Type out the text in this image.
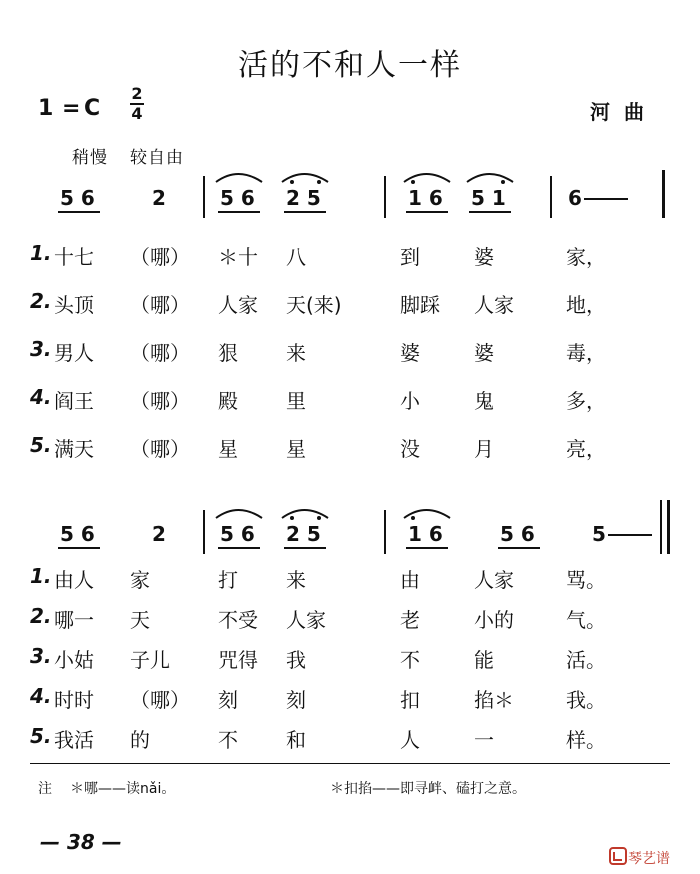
活的不和人一样
1 = C
2
4	河曲
稍慢 较自由
5 6	2	5 6 2 5	1 6 5 1	6
1. 十七 （哪） ＊十 八	到	婆	家，
2. 头顶 （哪） 人家 天(来)	脚踩 人家	地，
3. 男人 （哪） 狠 来	婆	婆	毒，
4. 阎王 （哪） 殿 里	小	鬼	多，
5. 满天 （哪） 星 星	没	月	亮，
5 6	2	5 6 2 5	1 6	5 6	5
1. 由人 家	打 来	由	人家	骂。
2. 哪一 天	不受 人家	老	小的	气。
3. 小姑 子儿 咒得 我	不	能	活。
4. 时时 （哪） 刻 刻	扣	掐＊	我。
5. 我活 的	不 和	人	一	样。
注 ＊哪——读nǎi。	＊扣掐——即寻衅、磕打之意。
— 38 —
琴艺谱
